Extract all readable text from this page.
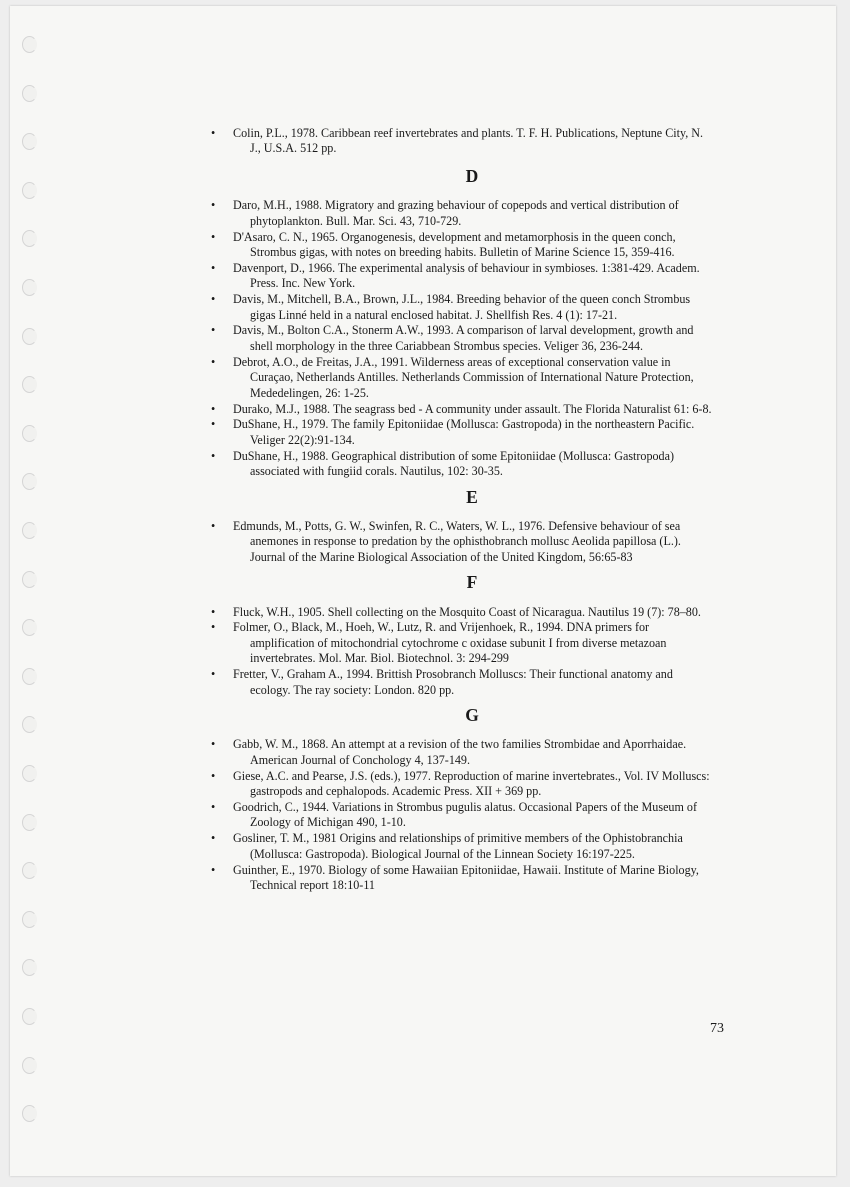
• Colin, P.L., 1978. Caribbean reef invertebrates and plants. T. F. H. Publications, Neptune City, N.
J., U.S.A. 512 pp.
D
• Daro, M.H., 1988. Migratory and grazing behaviour of copepods and vertical distribution of
phytoplankton. Bull. Mar. Sci. 43, 710-729.
• D'Asaro, C. N., 1965. Organogenesis, development and metamorphosis in the queen conch,
Strombus gigas, with notes on breeding habits. Bulletin of Marine Science 15, 359-416.
• Davenport, D., 1966. The experimental analysis of behaviour in symbioses. 1:381-429. Academ.
Press. Inc. New York.
• Davis, M., Mitchell, B.A., Brown, J.L., 1984. Breeding behavior of the queen conch Strombus
gigas Linné held in a natural enclosed habitat. J. Shellfish Res. 4 (1): 17-21.
• Davis, M., Bolton C.A., Stonerm A.W., 1993. A comparison of larval development, growth and
shell morphology in the three Cariabbean Strombus species. Veliger 36, 236-244.
• Debrot, A.O., de Freitas, J.A., 1991. Wilderness areas of exceptional conservation value in
Curaçao, Netherlands Antilles. Netherlands Commission of International Nature Protection,
Mededelingen, 26: 1-25.
• Durako, M.J., 1988. The seagrass bed - A community under assault. The Florida Naturalist 61: 6-8.
• DuShane, H., 1979. The family Epitoniidae (Mollusca: Gastropoda) in the northeastern Pacific.
Veliger 22(2):91-134.
• DuShane, H., 1988. Geographical distribution of some Epitoniidae (Mollusca: Gastropoda)
associated with fungiid corals. Nautilus, 102: 30-35.
E
• Edmunds, M., Potts, G. W., Swinfen, R. C., Waters, W. L., 1976. Defensive behaviour of sea
anemones in response to predation by the ophisthobranch mollusc Aeolida papillosa (L.).
Journal of the Marine Biological Association of the United Kingdom, 56:65-83
F
• Fluck, W.H., 1905. Shell collecting on the Mosquito Coast of Nicaragua. Nautilus 19 (7): 78–80.
• Folmer, O., Black, M., Hoeh, W., Lutz, R. and Vrijenhoek, R., 1994. DNA primers for
amplification of mitochondrial cytochrome c oxidase subunit I from diverse metazoan
invertebrates. Mol. Mar. Biol. Biotechnol. 3: 294-299
• Fretter, V., Graham A., 1994. Brittish Prosobranch Molluscs: Their functional anatomy and
ecology. The ray society: London. 820 pp.
G
• Gabb, W. M., 1868. An attempt at a revision of the two families Strombidae and Aporrhaidae.
American Journal of Conchology 4, 137-149.
• Giese, A.C. and Pearse, J.S. (eds.), 1977. Reproduction of marine invertebrates., Vol. IV Molluscs:
gastropods and cephalopods. Academic Press. XII + 369 pp.
• Goodrich, C., 1944. Variations in Strombus pugulis alatus. Occasional Papers of the Museum of
Zoology of Michigan 490, 1-10.
• Gosliner, T. M., 1981 Origins and relationships of primitive members of the Ophistobranchia
(Mollusca: Gastropoda). Biological Journal of the Linnean Society 16:197-225.
• Guinther, E., 1970. Biology of some Hawaiian Epitoniidae, Hawaii. Institute of Marine Biology,
Technical report 18:10-11
73
